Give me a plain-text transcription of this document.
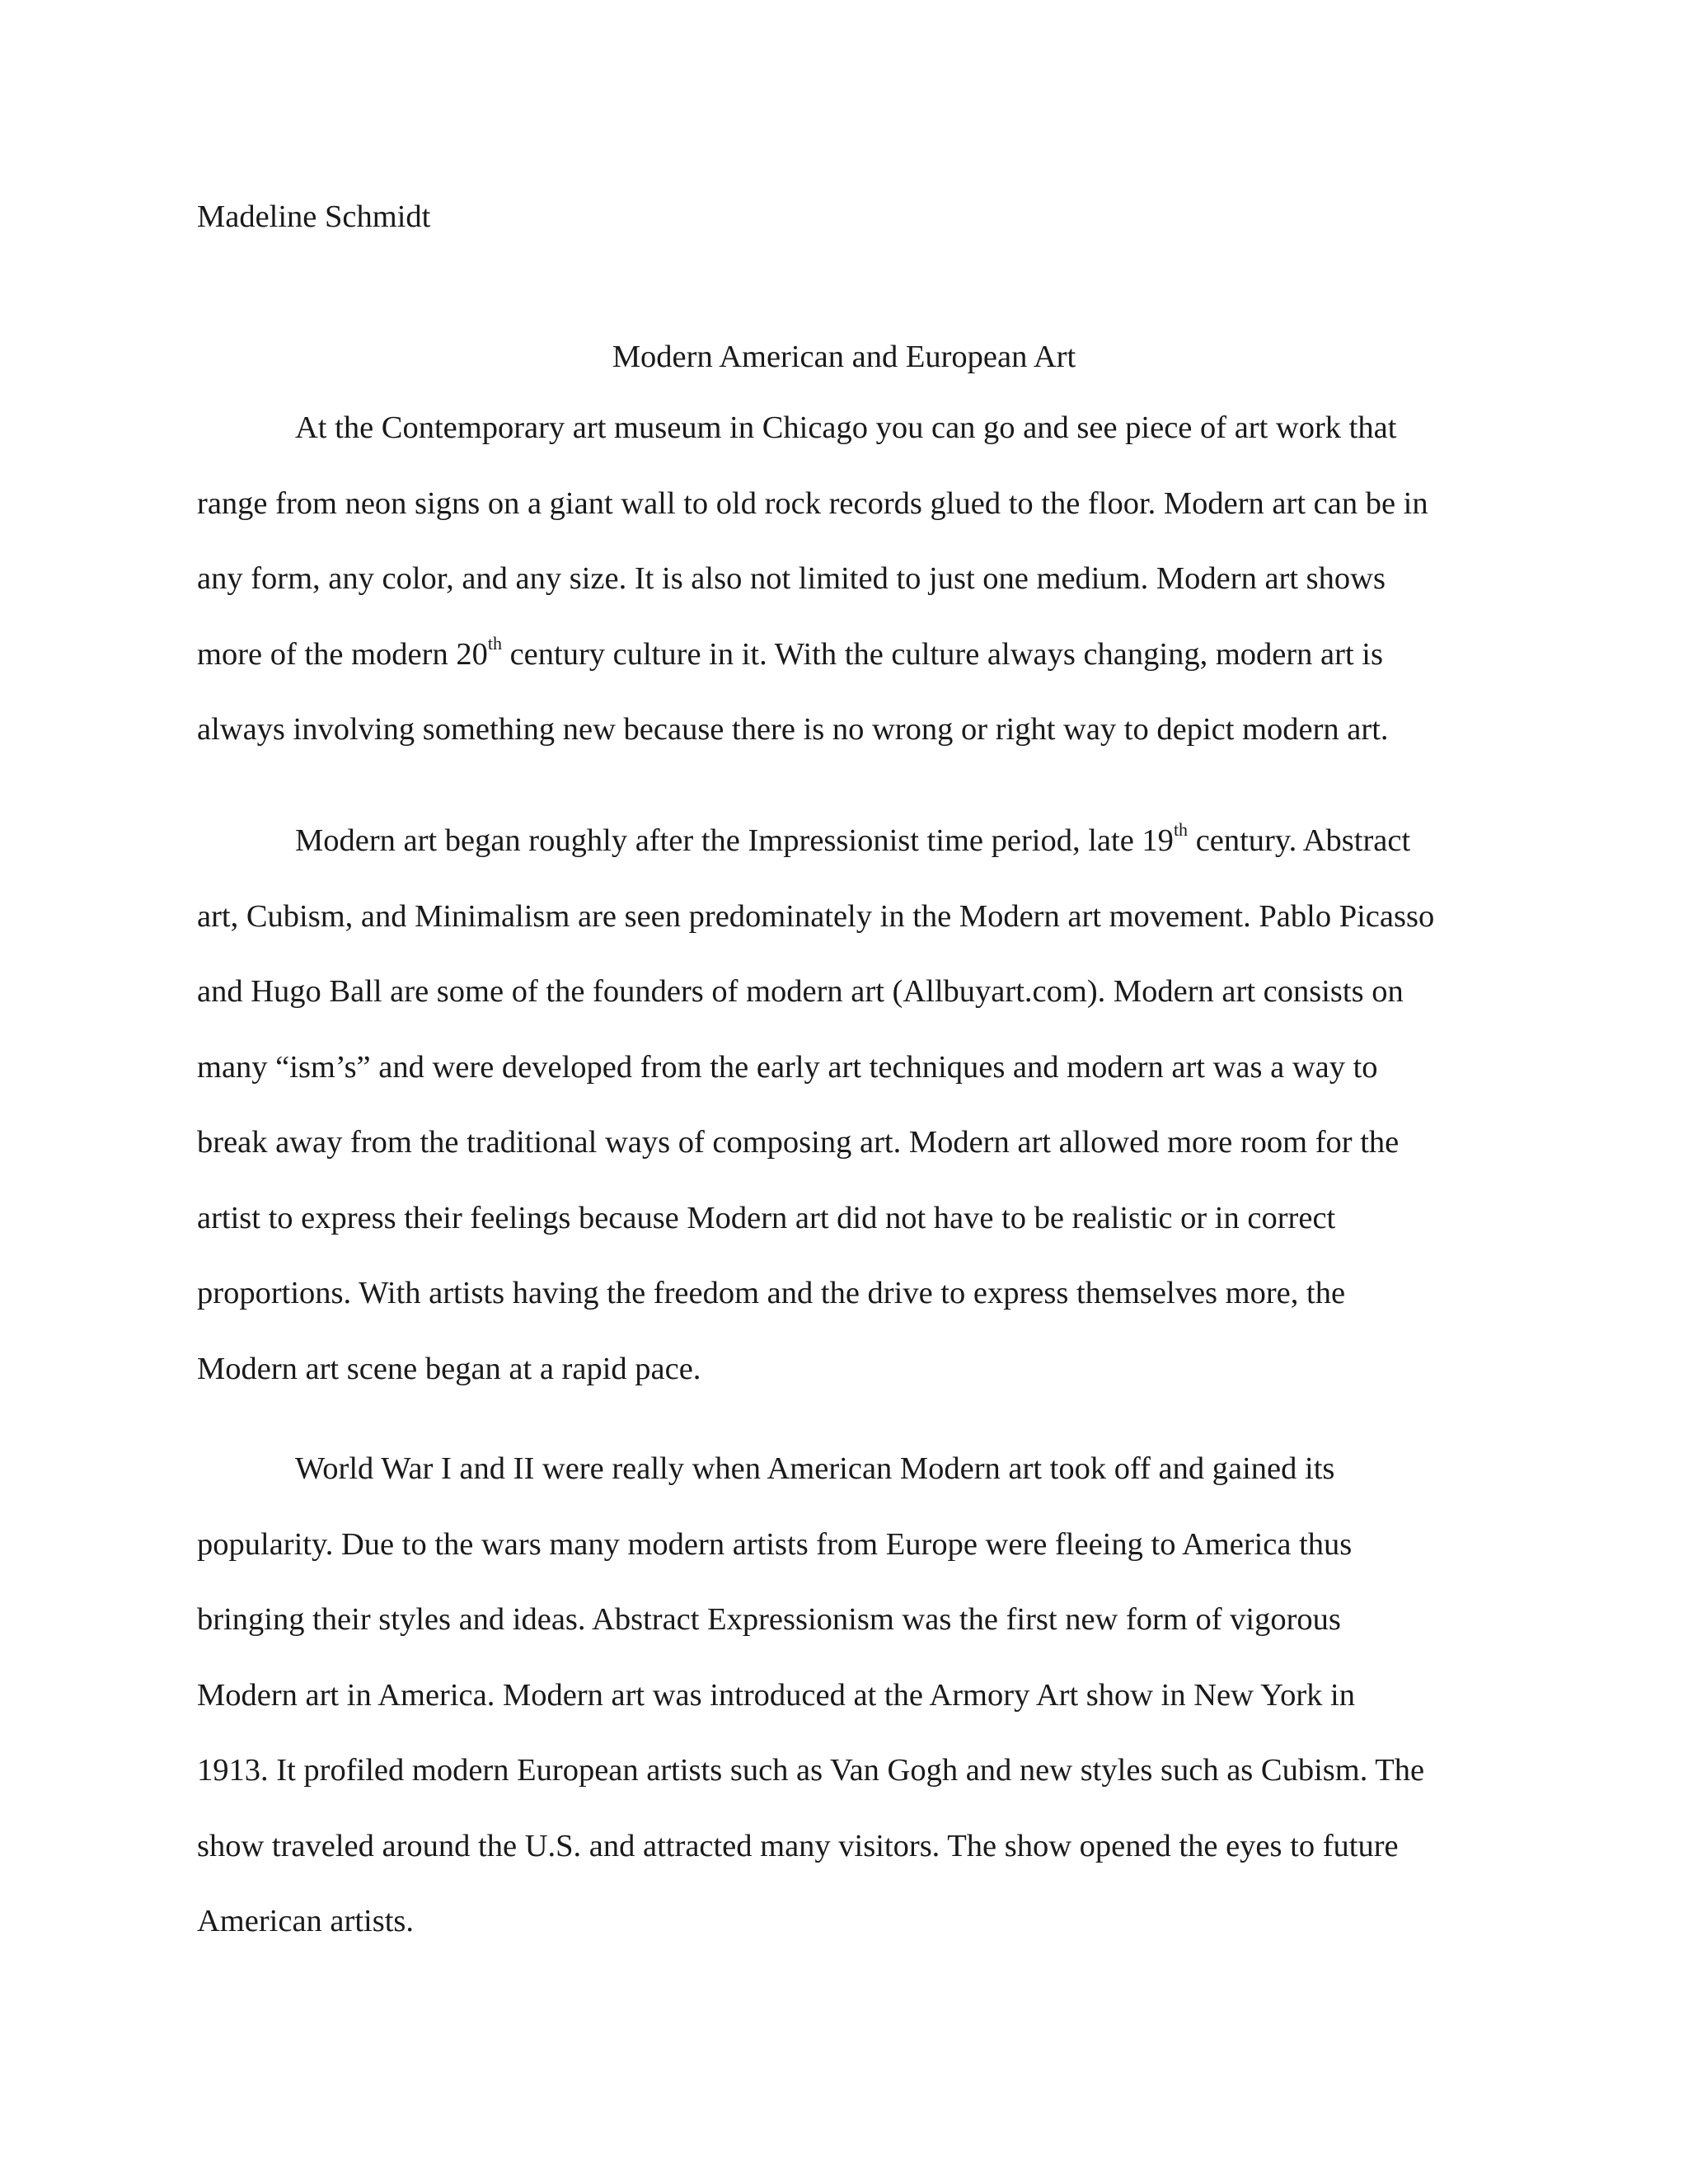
Madeline Schmidt

Modern American and European Art
At the Contemporary art museum in Chicago you can go and see piece of art work that
range from neon signs on a giant wall to old rock records glued to the floor. Modern art can be in
any form, any color, and any size. It is also not limited to just one medium. Modern art shows
more of the modern 20th century culture in it. With the culture always changing, modern art is
always involving something new because there is no wrong or right way to depict modern art.
Modern art began roughly after the Impressionist time period, late 19th century. Abstract
art, Cubism, and Minimalism are seen predominately in the Modern art movement. Pablo Picasso
and Hugo Ball are some of the founders of modern art (Allbuyart.com). Modern art consists on
many “ism’s” and were developed from the early art techniques and modern art was a way to
break away from the traditional ways of composing art. Modern art allowed more room for the
artist to express their feelings because Modern art did not have to be realistic or in correct
proportions. With artists having the freedom and the drive to express themselves more, the
Modern art scene began at a rapid pace.
World War I and II were really when American Modern art took off and gained its
popularity. Due to the wars many modern artists from Europe were fleeing to America thus
bringing their styles and ideas. Abstract Expressionism was the first new form of vigorous
Modern art in America. Modern art was introduced at the Armory Art show in New York in
1913. It profiled modern European artists such as Van Gogh and new styles such as Cubism. The
show traveled around the U.S. and attracted many visitors. The show opened the eyes to future
American artists.
